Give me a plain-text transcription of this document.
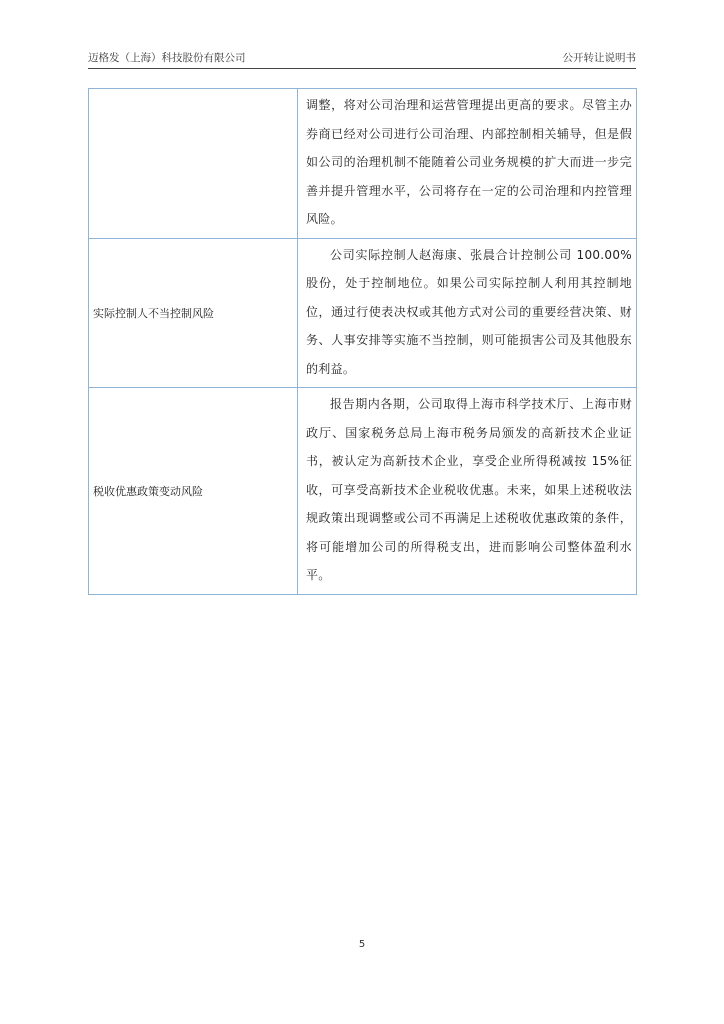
迈格发（上海）科技股份有限公司	公开转让说明书
	调整，将对公司治理和运营管理提出更高的要求。尽管主办券商已经对公司进行公司治理、内部控制相关辅导，但是假如公司的治理机制不能随着公司业务规模的扩大而进一步完善并提升管理水平，公司将存在一定的公司治理和内控管理风险。
实际控制人不当控制风险	公司实际控制人赵海康、张晨合计控制公司 100.00%股份，处于控制地位。如果公司实际控制人利用其控制地位，通过行使表决权或其他方式对公司的重要经营决策、财务、人事安排等实施不当控制，则可能损害公司及其他股东的利益。
税收优惠政策变动风险	报告期内各期，公司取得上海市科学技术厅、上海市财政厅、国家税务总局上海市税务局颁发的高新技术企业证书，被认定为高新技术企业，享受企业所得税减按 15%征收，可享受高新技术企业税收优惠。未来，如果上述税收法规政策出现调整或公司不再满足上述税收优惠政策的条件，将可能增加公司的所得税支出，进而影响公司整体盈利水平。
5
